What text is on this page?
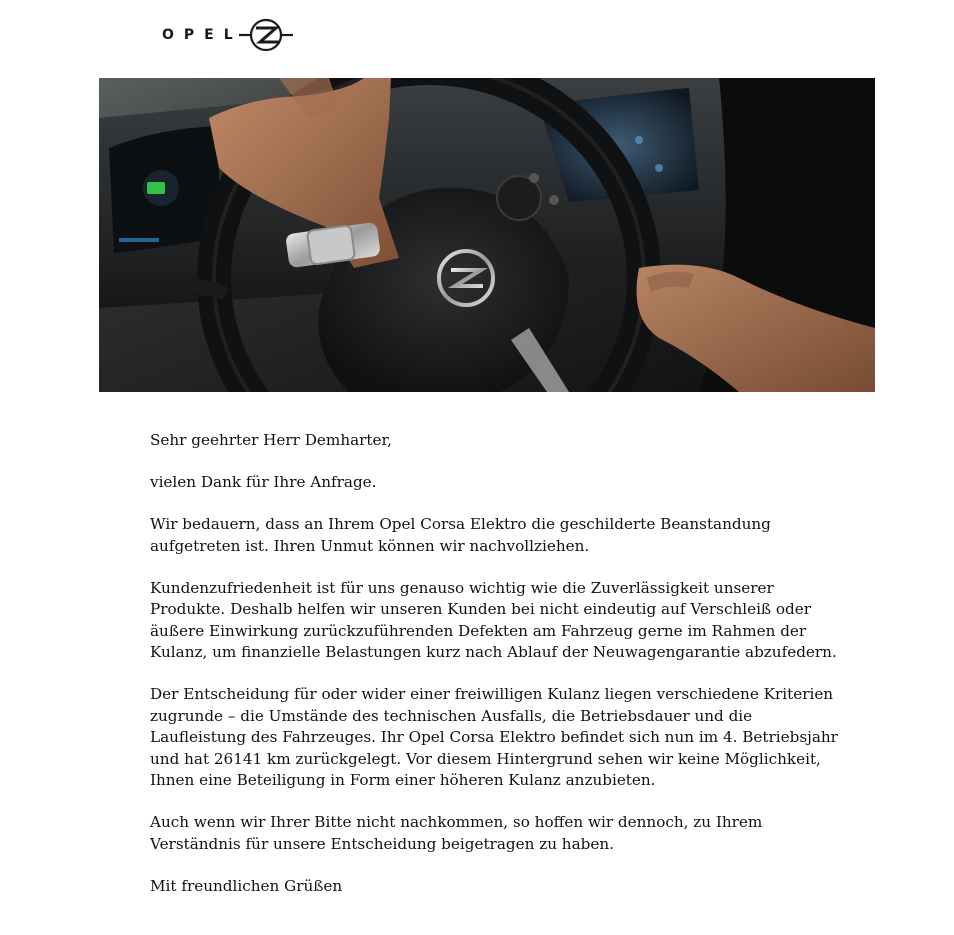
OPEL

Sehr geehrter Herr Demharter,

vielen Dank für Ihre Anfrage.

Wir bedauern, dass an Ihrem Opel Corsa Elektro die geschilderte Beanstandung aufgetreten ist. Ihren Unmut können wir nachvollziehen.

Kundenzufriedenheit ist für uns genauso wichtig wie die Zuverlässigkeit unserer Produkte. Deshalb helfen wir unseren Kunden bei nicht eindeutig auf Verschleiß oder äußere Einwirkung zurückzuführenden Defekten am Fahrzeug gerne im Rahmen der Kulanz, um finanzielle Belastungen kurz nach Ablauf der Neuwagengarantie abzufedern.

Der Entscheidung für oder wider einer freiwilligen Kulanz liegen verschiedene Kriterien zugrunde – die Umstände des technischen Ausfalls, die Betriebsdauer und die Laufleistung des Fahrzeuges. Ihr Opel Corsa Elektro befindet sich nun im 4. Betriebsjahr und hat 26141 km zurückgelegt. Vor diesem Hintergrund sehen wir keine Möglichkeit, Ihnen eine Beteiligung in Form einer höheren Kulanz anzubieten.

Auch wenn wir Ihrer Bitte nicht nachkommen, so hoffen wir dennoch, zu Ihrem Verständnis für unsere Entscheidung beigetragen zu haben.

Mit freundlichen Grüßen
